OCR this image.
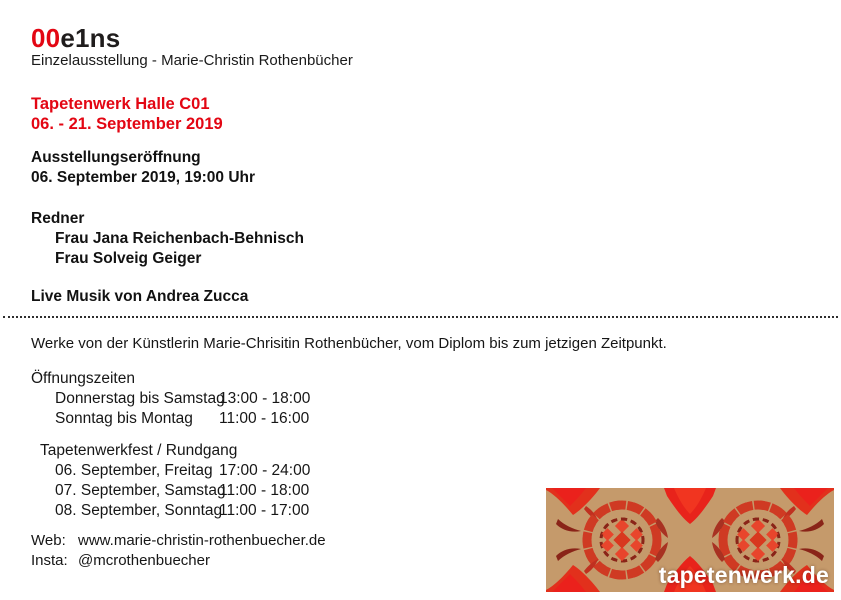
00e1ns
Einzelausstellung - Marie-Christin Rothenbücher
Tapetenwerk Halle C01
06. - 21. September 2019
Ausstellungseröffnung
06. September 2019, 19:00 Uhr
Redner
Frau Jana Reichenbach-Behnisch
Frau Solveig Geiger
Live Musik von Andrea Zucca
Werke von der Künstlerin Marie-Chrisitin Rothenbücher, vom Diplom bis zum jetzigen Zeitpunkt.
Öffnungszeiten
Donnerstag bis Samstag
13:00 - 18:00
Sonntag bis Montag	11:00 - 16:00
Tapetenwerkfest / Rundgang
06. September, Freitag 17:00 - 24:00
07. September, Samstag
11:00 - 18:00
08. September, Sonntag
11:00 - 17:00
Web: www.marie-christin-rothenbuecher.de
Insta: @mcrothenbuecher
tapetenwerk.de
